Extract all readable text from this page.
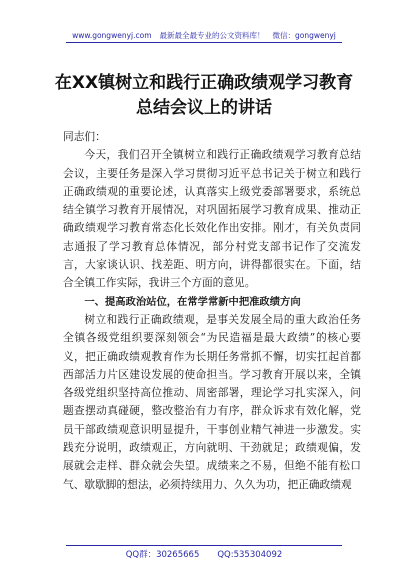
www.gongwenyj.com 最新最全最专业的公文资料库！ 微信：gongwenyj
在XX镇树立和践行正确政绩观学习教育
总结会议上的讲话

同志们：

今天，我们召开全镇树立和践行正确政绩观学习教育总结会议，主要任务是深入学习贯彻习近平总书记关于树立和践行正确政绩观的重要论述，认真落实上级党委部署要求，系统总结全镇学习教育开展情况，对巩固拓展学习教育成果、推动正确政绩观学习教育常态化长效化作出安排。刚才，有关负责同志通报了学习教育总体情况，部分村党支部书记作了交流发言，大家谈认识、找差距、明方向，讲得都很实在。下面，结合全镇工作实际，我讲三个方面的意见。

一、提高政治站位，在常学常新中把准政绩方向

树立和践行正确政绩观，是事关发展全局的重大政治任务全镇各级党组织要深刻领会“为民造福是最大政绩”的核心要义，把正确政绩观教育作为长期任务常抓不懈，切实扛起首都西部活力片区建设发展的使命担当。学习教育开展以来，全镇各级党组织坚持高位推动、周密部署，理论学习扎实深入，问题查摆动真碰硬，整改整治有力有序，群众诉求有效化解，党员干部政绩观意识明显提升，干事创业精气神进一步激发。实践充分说明，政绩观正，方向就明、干劲就足；政绩观偏，发展就会走样、群众就会失望。成绩来之不易，但绝不能有松口气、歇歇脚的想法，必须持续用力、久久为功，把正确政绩观

QQ群：30265665 QQ:535304092
